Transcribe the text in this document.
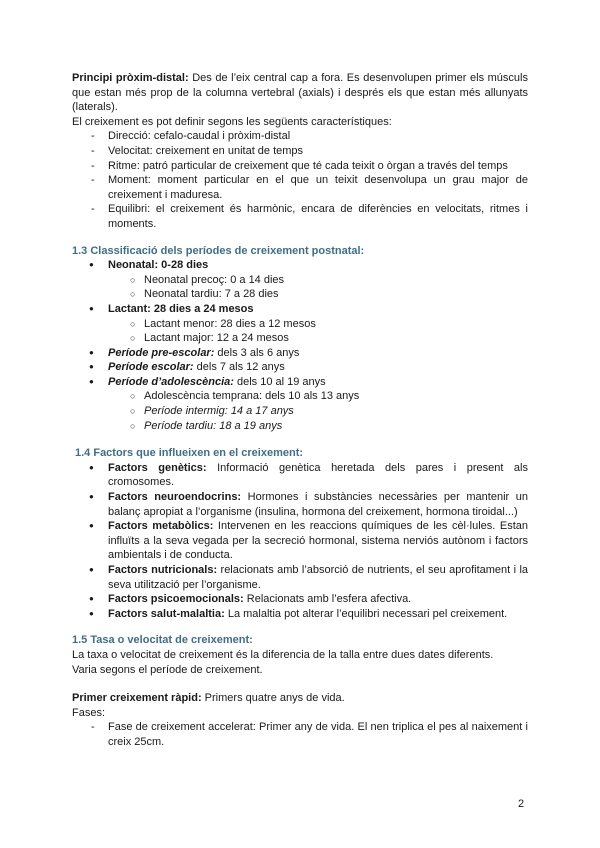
Principi pròxim-distal: Des de l’eix central cap a fora. Es desenvolupen primer els músculs que estan més prop de la columna vertebral (axials) i després els que estan més allunyats (laterals).

El creixement es pot definir segons les següents característiques:

- Direcció: cefalo-caudal i pròxim-distal
- Velocitat: creixement en unitat de temps
- Ritme: patró particular de creixement que té cada teixit o òrgan a través del temps
- Moment: moment particular en el que un teixit desenvolupa un grau major de creixement i maduresa.
- Equilibri: el creixement és harmònic, encara de diferències en velocitats, ritmes i moments.
1.3 Classificació dels períodes de creixement postnatal:
● Neonatal: 0-28 dies
○ Neonatal precoç: 0 a 14 dies
○ Neonatal tardiu: 7 a 28 dies
● Lactant: 28 dies a 24 mesos
○ Lactant menor: 28 dies a 12 mesos
○ Lactant major: 12 a 24 mesos
● Període pre-escolar: dels 3 als 6 anys
● Període escolar: dels 7 als 12 anys
● Període d’adolescència: dels 10 al 19 anys
○ Adolescència temprana: dels 10 als 13 anys
○ Període intermig: 14 a 17 anys
○ Període tardiu: 18 a 19 anys
1.4 Factors que influeixen en el creixement:
● Factors genètics: Informació genètica heretada dels pares i present als cromosomes.
● Factors neuroendocrins: Hormones i substàncies necessàries per mantenir un balanç apropiat a l’organisme (insulina, hormona del creixement, hormona tiroidal...)
● Factors metabòlics: Intervenen en les reaccions químiques de les cèl·lules. Estan influïts a la seva vegada per la secreció hormonal, sistema nerviós autònom i factors ambientals i de conducta.
● Factors nutricionals: relacionats amb l’absorció de nutrients, el seu aprofitament i la seva utilització per l’organisme.
● Factors psicoemocionals: Relacionats amb l’esfera afectiva.
● Factors salut-malaltia: La malaltia pot alterar l’equilibri necessari pel creixement.
1.5 Tasa o velocitat de creixement:

La taxa o velocitat de creixement és la diferencia de la talla entre dues dates diferents.

Varia segons el període de creixement.

Primer creixement ràpid: Primers quatre anys de vida.

Fases:

- Fase de creixement accelerat: Primer any de vida. El nen triplica el pes al naixement i creix 25cm.
2
